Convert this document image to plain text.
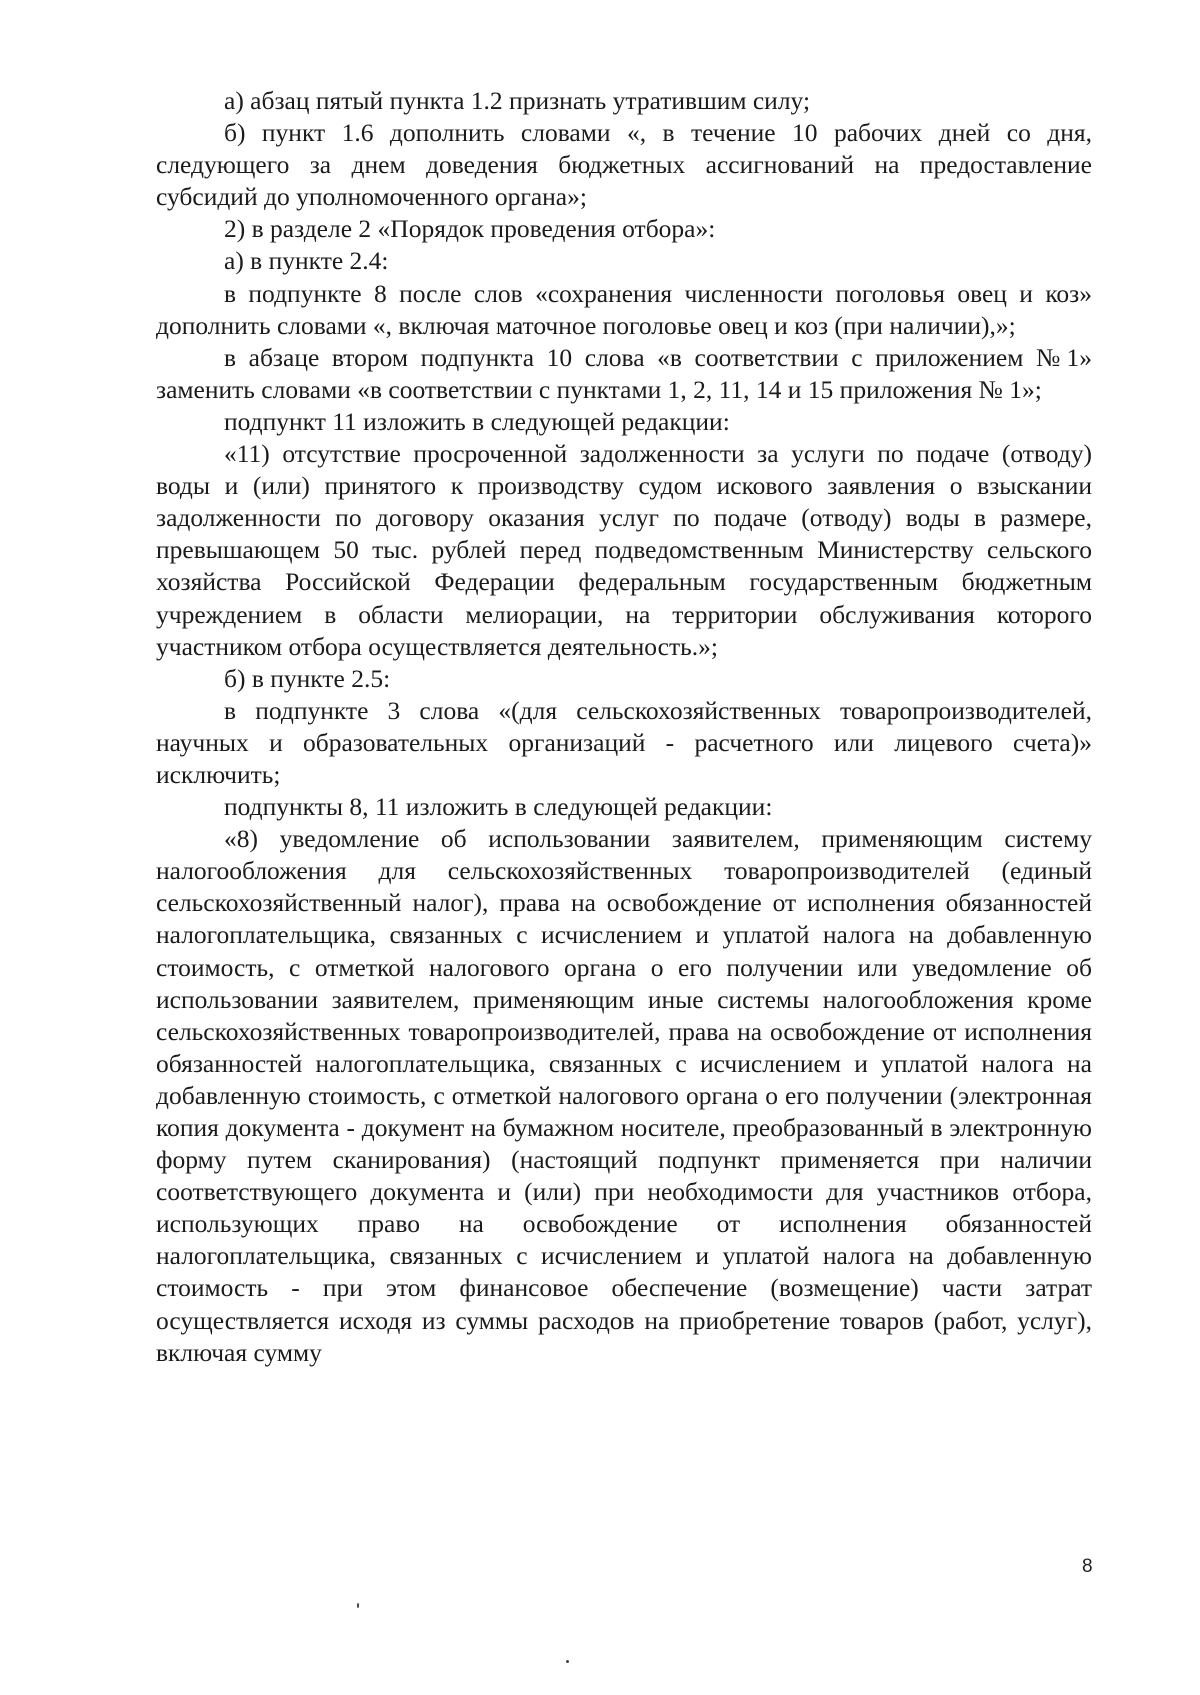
а) абзац пятый пункта 1.2 признать утратившим силу;

б) пункт 1.6 дополнить словами «, в течение 10 рабочих дней со дня, следующего за днем доведения бюджетных ассигнований на предоставление субсидий до уполномоченного органа»;

2) в разделе 2 «Порядок проведения отбора»:

а) в пункте 2.4:

в подпункте 8 после слов «сохранения численности поголовья овец и коз» дополнить словами «, включая маточное поголовье овец и коз (при наличии),»;

в абзаце втором подпункта 10 слова «в соответствии с приложением №1» заменить словами «в соответствии с пунктами 1, 2, 11, 14 и 15 приложения № 1»;

подпункт 11 изложить в следующей редакции:

«11) отсутствие просроченной задолженности за услуги по подаче (отводу) воды и (или) принятого к производству судом искового заявления о взыскании задолженности по договору оказания услуг по подаче (отводу) воды в размере, превышающем 50 тыс. рублей перед подведомственным Министерству сельского хозяйства Российской Федерации федеральным государственным бюджетным учреждением в области мелиорации, на территории обслуживания которого участником отбора осуществляется деятельность.»;

б) в пункте 2.5:

в подпункте 3 слова «(для сельскохозяйственных товаропроизводителей, научных и образовательных организаций - расчетного или лицевого счета)» исключить;

подпункты 8, 11 изложить в следующей редакции:

«8) уведомление об использовании заявителем, применяющим систему налогообложения для сельскохозяйственных товаропроизводителей (единый сельскохозяйственный налог), права на освобождение от исполнения обязанностей налогоплательщика, связанных с исчислением и уплатой налога на добавленную стоимость, с отметкой налогового органа о его получении или уведомление об использовании заявителем, применяющим иные системы налогообложения кроме сельскохозяйственных товаропроизводителей, права на освобождение от исполнения обязанностей налогоплательщика, связанных с исчислением и уплатой налога на добавленную стоимость, с отметкой налогового органа о его получении (электронная копия документа - документ на бумажном носителе, преобразованный в электронную форму путем сканирования) (настоящий подпункт применяется при наличии соответствующего документа и (или) при необходимости для участников отбора, использующих право на освобождение от исполнения обязанностей налогоплательщика, связанных с исчислением и уплатой налога на добавленную стоимость - при этом финансовое обеспечение (возмещение) части затрат осуществляется исходя из суммы расходов на приобретение товаров (работ, услуг), включая сумму

8
